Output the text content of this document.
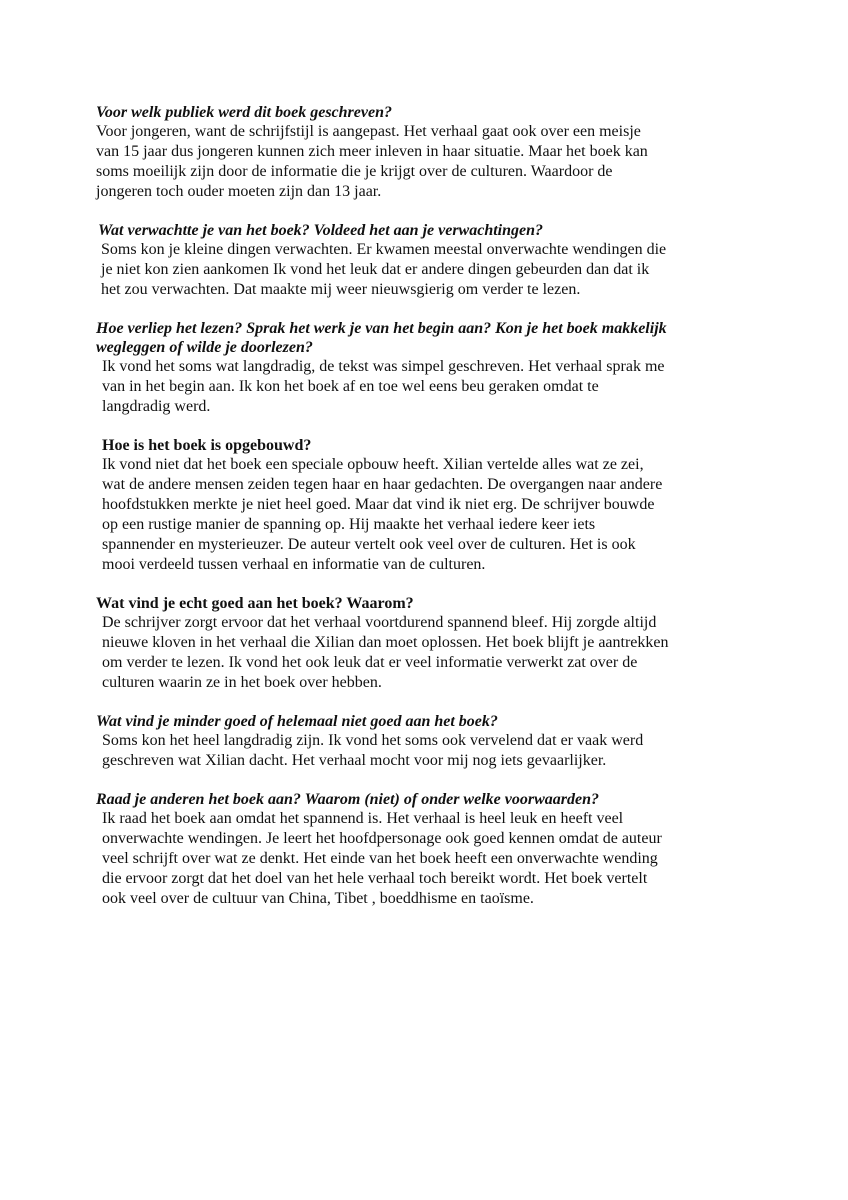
Voor welk publiek werd dit boek geschreven?

Voor jongeren, want de schrijfstijl is aangepast. Het verhaal gaat ook over een meisje
van 15 jaar dus jongeren kunnen zich meer inleven in haar situatie. Maar het boek kan
soms moeilijk zijn door de informatie die je krijgt over de culturen. Waardoor de
jongeren toch ouder moeten zijn dan 13 jaar.

Wat verwachtte je van het boek? Voldeed het aan je verwachtingen?

Soms kon je kleine dingen verwachten. Er kwamen meestal onverwachte wendingen die
je niet kon zien aankomen Ik vond het leuk dat er andere dingen gebeurden dan dat ik
het zou verwachten. Dat maakte mij weer nieuwsgierig om verder te lezen.

Hoe verliep het lezen? Sprak het werk je van het begin aan? Kon je het boek makkelijk
wegleggen of wilde je doorlezen?

Ik vond het soms wat langdradig, de tekst was simpel geschreven. Het verhaal sprak me
van in het begin aan. Ik kon het boek af en toe wel eens beu geraken omdat te
langdradig werd.

Hoe is het boek is opgebouwd?

Ik vond niet dat het boek een speciale opbouw heeft. Xilian vertelde alles wat ze zei,
wat de andere mensen zeiden tegen haar en haar gedachten. De overgangen naar andere
hoofdstukken merkte je niet heel goed. Maar dat vind ik niet erg. De schrijver bouwde
op een rustige manier de spanning op. Hij maakte het verhaal iedere keer iets
spannender en mysterieuzer. De auteur vertelt ook veel over de culturen. Het is ook
mooi verdeeld tussen verhaal en informatie van de culturen.

Wat vind je echt goed aan het boek? Waarom?

De schrijver zorgt ervoor dat het verhaal voortdurend spannend bleef. Hij zorgde altijd
nieuwe kloven in het verhaal die Xilian dan moet oplossen. Het boek blijft je aantrekken
om verder te lezen. Ik vond het ook leuk dat er veel informatie verwerkt zat over de
culturen waarin ze in het boek over hebben.

Wat vind je minder goed of helemaal niet goed aan het boek?

Soms kon het heel langdradig zijn. Ik vond het soms ook vervelend dat er vaak werd
geschreven wat Xilian dacht. Het verhaal mocht voor mij nog iets gevaarlijker.

Raad je anderen het boek aan? Waarom (niet) of onder welke voorwaarden?

Ik raad het boek aan omdat het spannend is. Het verhaal is heel leuk en heeft veel
onverwachte wendingen. Je leert het hoofdpersonage ook goed kennen omdat de auteur
veel schrijft over wat ze denkt. Het einde van het boek heeft een onverwachte wending
die ervoor zorgt dat het doel van het hele verhaal toch bereikt wordt. Het boek vertelt
ook veel over de cultuur van China, Tibet , boeddhisme en taoïsme.
